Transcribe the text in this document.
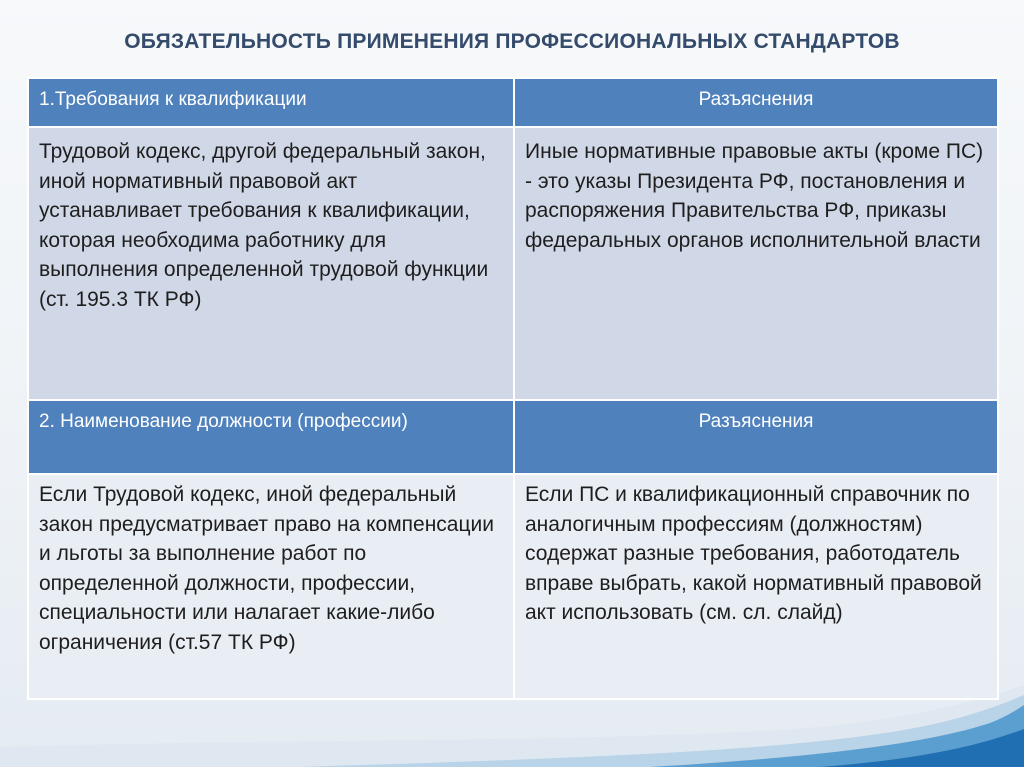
ОБЯЗАТЕЛЬНОСТЬ ПРИМЕНЕНИЯ ПРОФЕССИОНАЛЬНЫХ СТАНДАРТОВ
1.Требования к квалификации	Разъяснения
Трудовой кодекс, другой федеральный закон, иной нормативный правовой акт устанавливает требования к квалификации, которая необходима работнику для выполнения определенной трудовой функции (ст. 195.3 ТК РФ)	Иные нормативные правовые акты (кроме ПС) - это указы Президента РФ, постановления и распоряжения Правительства РФ, приказы федеральных органов исполнительной власти
2. Наименование должности (профессии)	Разъяснения
Если Трудовой кодекс, иной федеральный закон предусматривает право на компенсации и льготы за выполнение работ по определенной должности, профессии, специальности или налагает какие-либо ограничения (ст.57 ТК РФ)	Если ПС и квалификационный справочник по аналогичным профессиям (должностям) содержат разные требования, работодатель вправе выбрать, какой нормативный правовой акт использовать (см. сл. слайд)
